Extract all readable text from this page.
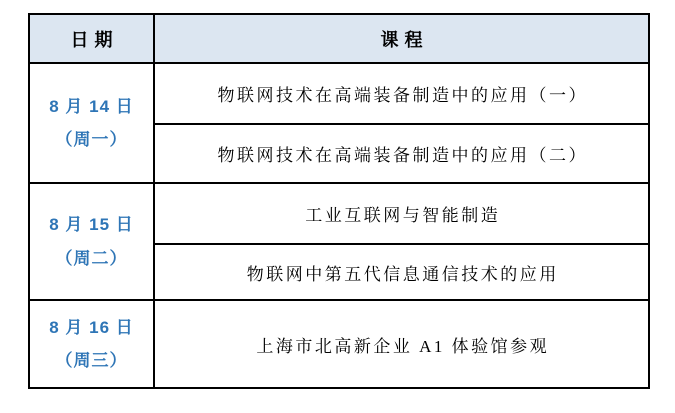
日期	课程

8 月 14 日
（周一）	物联网技术在高端装备制造中的应用（一）
	物联网技术在高端装备制造中的应用（二）

8 月 15 日
（周二）	工业互联网与智能制造
	物联网中第五代信息通信技术的应用

8 月 16 日
（周三）	上海市北高新企业 A1 体验馆参观
